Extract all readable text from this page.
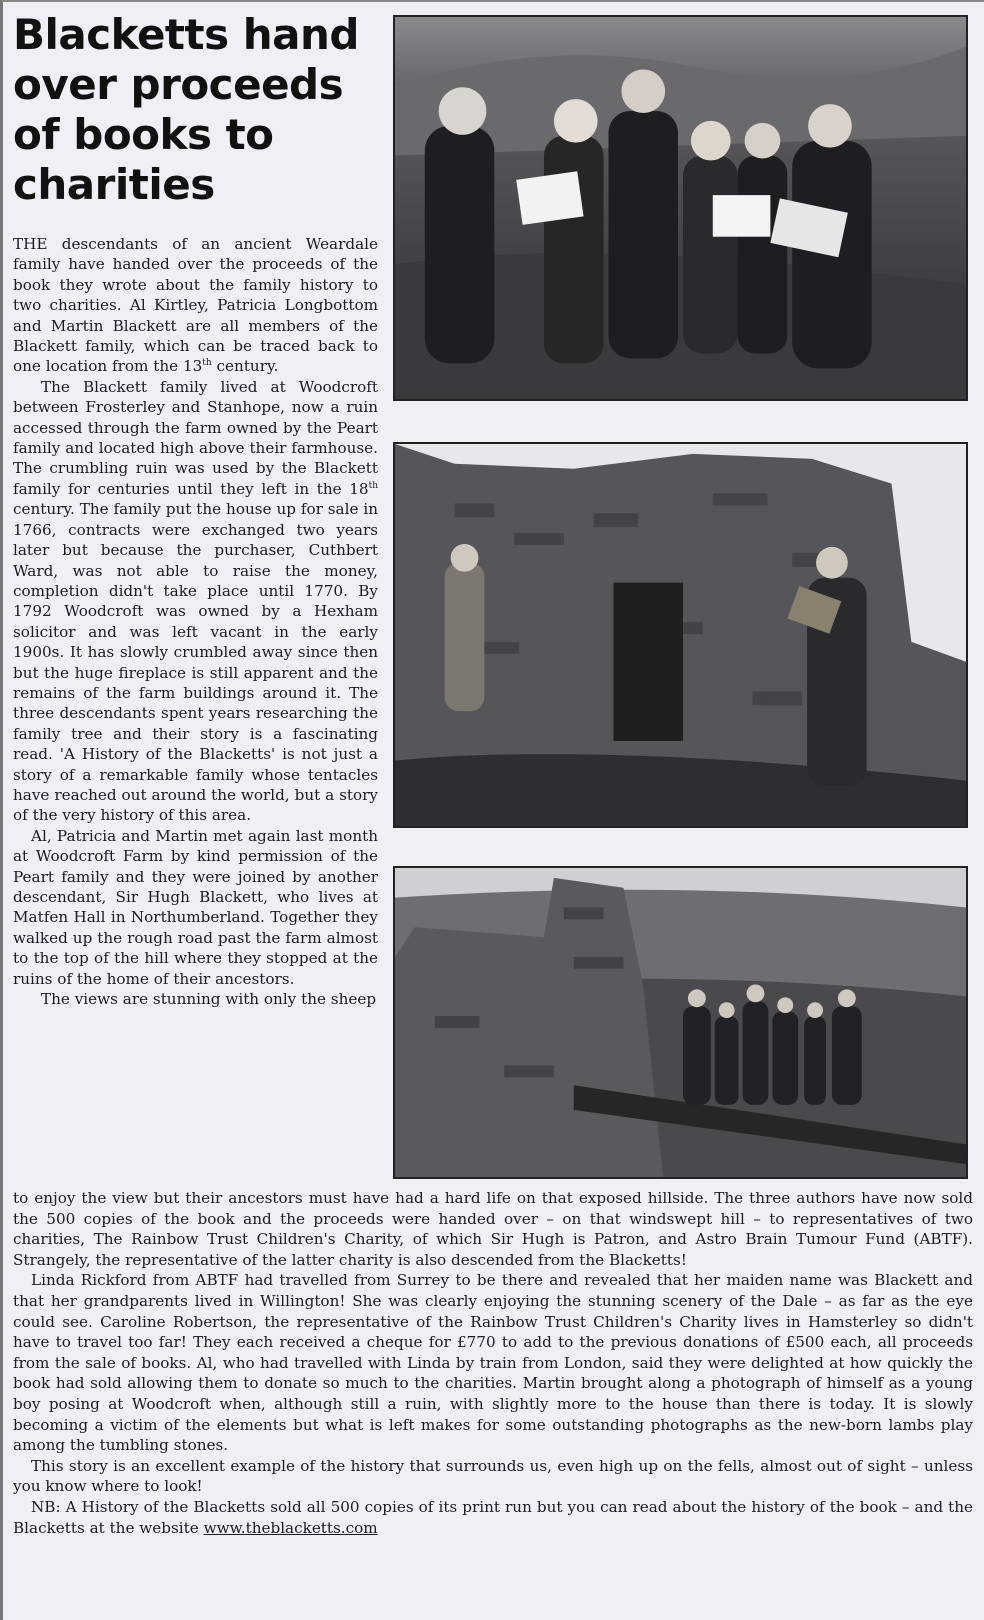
Blacketts hand over proceeds of books to charities

THE descendants of an ancient Weardale family have handed over the proceeds of the book they wrote about the family history to two charities. Al Kirtley, Patricia Longbottom and Martin Blackett are all members of the Blackett family, which can be traced back to one location from the 13th century.

The Blackett family lived at Woodcroft between Frosterley and Stanhope, now a ruin accessed through the farm owned by the Peart family and located high above their farmhouse. The crumbling ruin was used by the Blackett family for centuries until they left in the 18th century. The family put the house up for sale in 1766, contracts were exchanged two years later but because the purchaser, Cuthbert Ward, was not able to raise the money, completion didn't take place until 1770. By 1792 Woodcroft was owned by a Hexham solicitor and was left vacant in the early 1900s. It has slowly crumbled away since then but the huge fireplace is still apparent and the remains of the farm buildings around it. The three descendants spent years researching the family tree and their story is a fascinating read. 'A History of the Blacketts' is not just a story of a remarkable family whose tentacles have reached out around the world, but a story of the very history of this area.

Al, Patricia and Martin met again last month at Woodcroft Farm by kind permission of the Peart family and they were joined by another descendant, Sir Hugh Blackett, who lives at Matfen Hall in Northumberland. Together they walked up the rough road past the farm almost to the top of the hill where they stopped at the ruins of the home of their ancestors.

The views are stunning with only the sheep

to enjoy the view but their ancestors must have had a hard life on that exposed hillside. The three authors have now sold the 500 copies of the book and the proceeds were handed over – on that windswept hill – to representatives of two charities, The Rainbow Trust Children's Charity, of which Sir Hugh is Patron, and Astro Brain Tumour Fund (ABTF). Strangely, the representative of the latter charity is also descended from the Blacketts!

Linda Rickford from ABTF had travelled from Surrey to be there and revealed that her maiden name was Blackett and that her grandparents lived in Willington! She was clearly enjoying the stunning scenery of the Dale – as far as the eye could see. Caroline Robertson, the representative of the Rainbow Trust Children's Charity lives in Hamsterley so didn't have to travel too far! They each received a cheque for £770 to add to the previous donations of £500 each, all proceeds from the sale of books. Al, who had travelled with Linda by train from London, said they were delighted at how quickly the book had sold allowing them to donate so much to the charities. Martin brought along a photograph of himself as a young boy posing at Woodcroft when, although still a ruin, with slightly more to the house than there is today. It is slowly becoming a victim of the elements but what is left makes for some outstanding photographs as the new-born lambs play among the tumbling stones.

This story is an excellent example of the history that surrounds us, even high up on the fells, almost out of sight – unless you know where to look!

NB: A History of the Blacketts sold all 500 copies of its print run but you can read about the history of the book – and the Blacketts at the website www.theblacketts.com
